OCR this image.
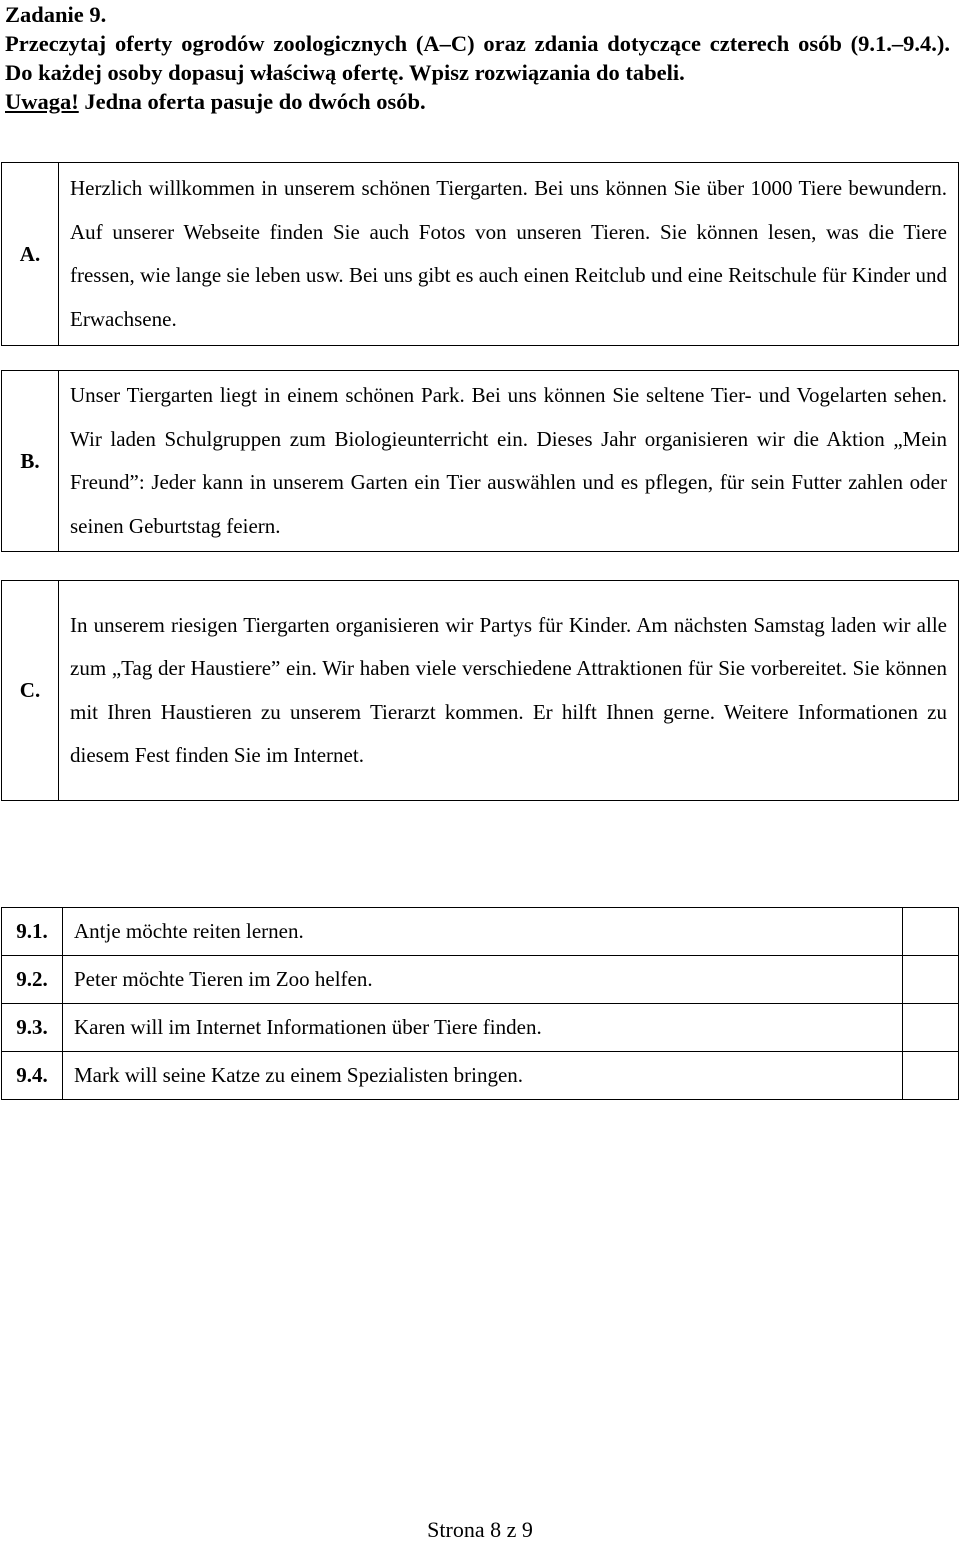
Zadanie 9.
Przeczytaj oferty ogrodów zoologicznych (A–C) oraz zdania dotyczące czterech osób (9.1.–9.4.). Do każdej osoby dopasuj właściwą ofertę. Wpisz rozwiązania do tabeli.
Uwaga! Jedna oferta pasuje do dwóch osób.
A.	Herzlich willkommen in unserem schönen Tiergarten. Bei uns können Sie über 1000 Tiere bewundern. Auf unserer Webseite finden Sie auch Fotos von unseren Tieren. Sie können lesen, was die Tiere fressen, wie lange sie leben usw. Bei uns gibt es auch einen Reitclub und eine Reitschule für Kinder und Erwachsene.
B.	Unser Tiergarten liegt in einem schönen Park. Bei uns können Sie seltene Tier- und Vogelarten sehen. Wir laden Schulgruppen zum Biologieunterricht ein. Dieses Jahr organisieren wir die Aktion „Mein Freund”: Jeder kann in unserem Garten ein Tier auswählen und es pflegen, für sein Futter zahlen oder seinen Geburtstag feiern.
C.	In unserem riesigen Tiergarten organisieren wir Partys für Kinder. Am nächsten Samstag laden wir alle zum „Tag der Haustiere” ein. Wir haben viele verschiedene Attraktionen für Sie vorbereitet. Sie können mit Ihren Haustieren zu unserem Tierarzt kommen. Er hilft Ihnen gerne. Weitere Informationen zu diesem Fest finden Sie im Internet.
9.1.	Antje möchte reiten lernen.	
9.2.	Peter möchte Tieren im Zoo helfen.	
9.3.	Karen will im Internet Informationen über Tiere finden.	
9.4.	Mark will seine Katze zu einem Spezialisten bringen.	
Strona 8 z 9
